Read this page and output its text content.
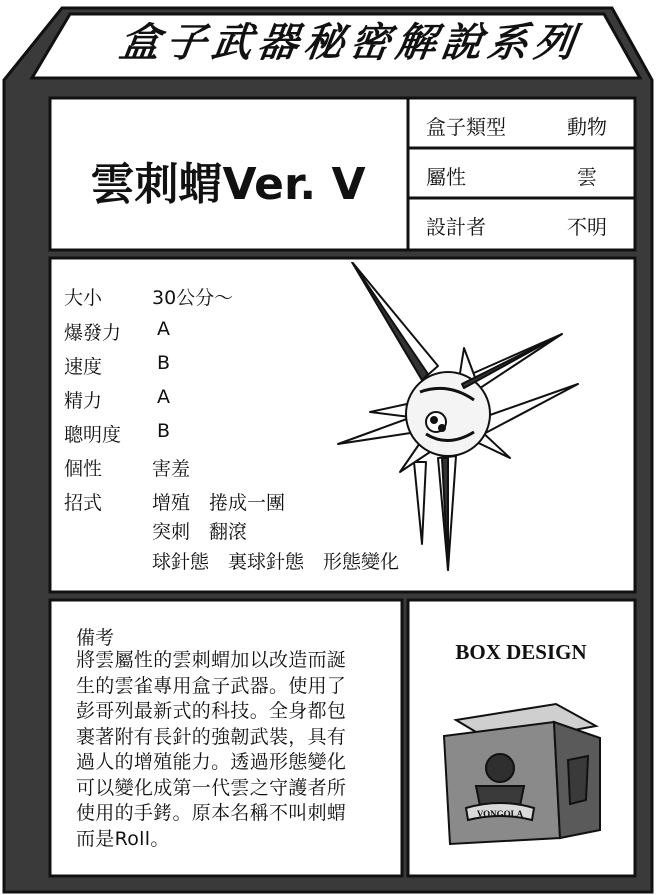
盒子武器秘密解說系列
雲刺蝟Ver. V
盒子類型	動物
屬性	雲
設計者	不明
大小	30公分～
爆發力 A
速度	B
精力	A
聰明度 B
個性	害羞
招式	增殖　捲成一團
突刺　翻滾
球針態　裏球針態　形態變化
備考
將雲屬性的雲刺蝟加以改造而誕
生的雲雀專用盒子武器。使用了
彭哥列最新式的科技。全身都包
裹著附有長針的強韌武裝，具有
過人的增殖能力。透過形態變化
可以變化成第一代雲之守護者所
使用的手銬。原本名稱不叫刺蝟
而是Roll。
BOX DESIGN
VONGOLA
